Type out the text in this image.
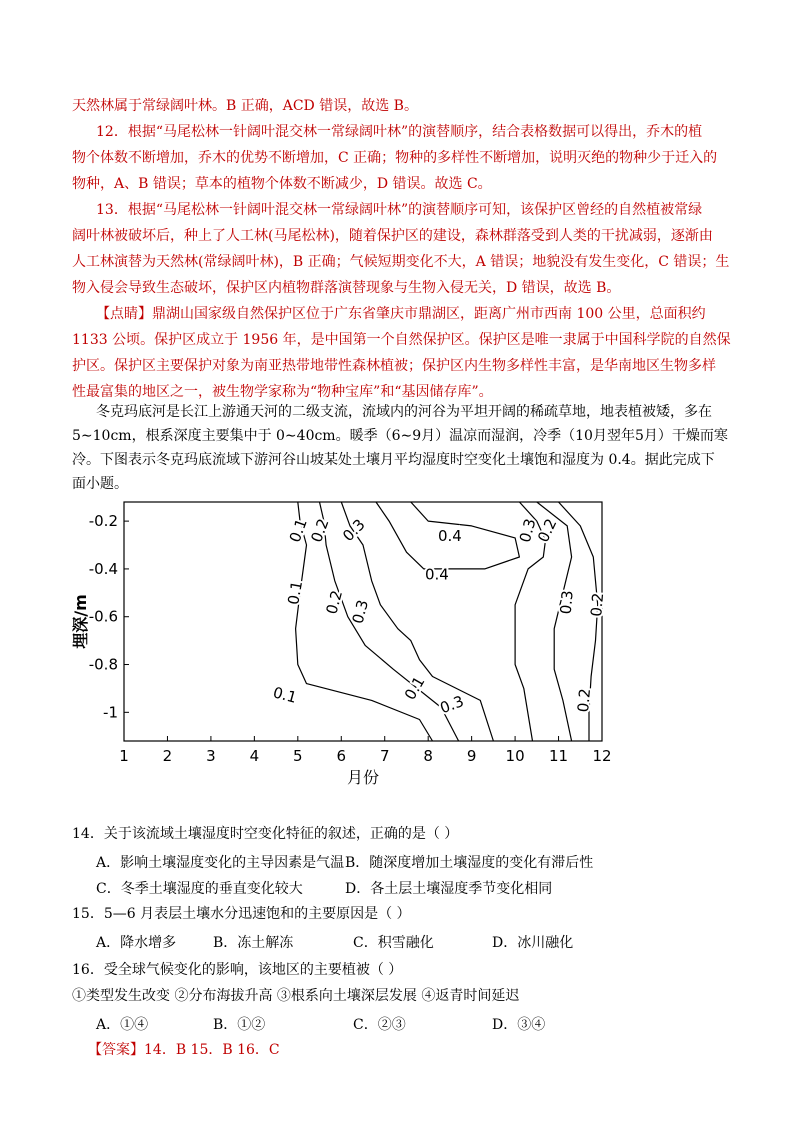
天然林属于常绿阔叶林。B 正确，ACD 错误，故选 B。
12．根据“马尾松林一针阔叶混交林一常绿阔叶林”的演替顺序，结合表格数据可以得出，乔木的植
物个体数不断增加，乔木的优势不断增加，C 正确；物种的多样性不断增加，说明灭绝的物种少于迁入的
物种，A、B 错误；草本的植物个体数不断减少，D 错误。故选 C。
13．根据“马尾松林一针阔叶混交林一常绿阔叶林”的演替顺序可知，该保护区曾经的自然植被常绿
阔叶林被破坏后，种上了人工林(马尾松林)，随着保护区的建设，森林群落受到人类的干扰减弱，逐渐由
人工林演替为天然林(常绿阔叶林)，B 正确；气候短期变化不大，A 错误；地貌没有发生变化，C 错误；生
物入侵会导致生态破坏，保护区内植物群落演替现象与生物入侵无关，D 错误，故选 B。
【点睛】鼎湖山国家级自然保护区位于广东省肇庆市鼎湖区，距离广州市西南 100 公里，总面积约
1133 公顷。保护区成立于 1956 年，是中国第一个自然保护区。保护区是唯一隶属于中国科学院的自然保
护区。保护区主要保护对象为南亚热带地带性森林植被；保护区内生物多样性丰富，是华南地区生物多样
性最富集的地区之一，被生物学家称为“物种宝库”和“基因储存库”。
冬克玛底河是长江上游通天河的二级支流，流域内的河谷为平坦开阔的稀疏草地，地表植被矮，多在
5∼10cm，根系深度主要集中于 0∼40cm。暖季（6∼9月）温凉而湿润，冷季（10月翌年5月）干燥而寒
冷。下图表示冬克玛底流域下游河谷山坡某处土壤月平均湿度时空变化土壤饱和湿度为 0.4。据此完成下
面小题。
0.1
0.2 0.3	0.4
0.4
0.3
0.2
0.1
0.1
0.2 0.3	0.3 0.2
0.1	0.2
0.3
1 2 3 4 5 6 7 8 9 10 11 12
-0.2
-0.4
-0.6
-0.8
-1
月份
埋深/m
14．关于该流域土壤湿度时空变化特征的叙述，正确的是（ ）
A．影响土壤湿度变化的主导因素是气温 B．随深度增加土壤湿度的变化有滞后性
C．冬季土壤湿度的垂直变化较大	D．各土层土壤湿度季节变化相同
15．5—6 月表层土壤水分迅速饱和的主要原因是（ ）
A．降水增多	B．冻土解冻	C．积雪融化	D．冰川融化
16．受全球气候变化的影响，该地区的主要植被（ ）
①类型发生改变 ②分布海拔升高 ③根系向土壤深层发展 ④返青时间延迟
A．①④	B．①②	C．②③	D．③④
【答案】14．B 15．B 16．C
